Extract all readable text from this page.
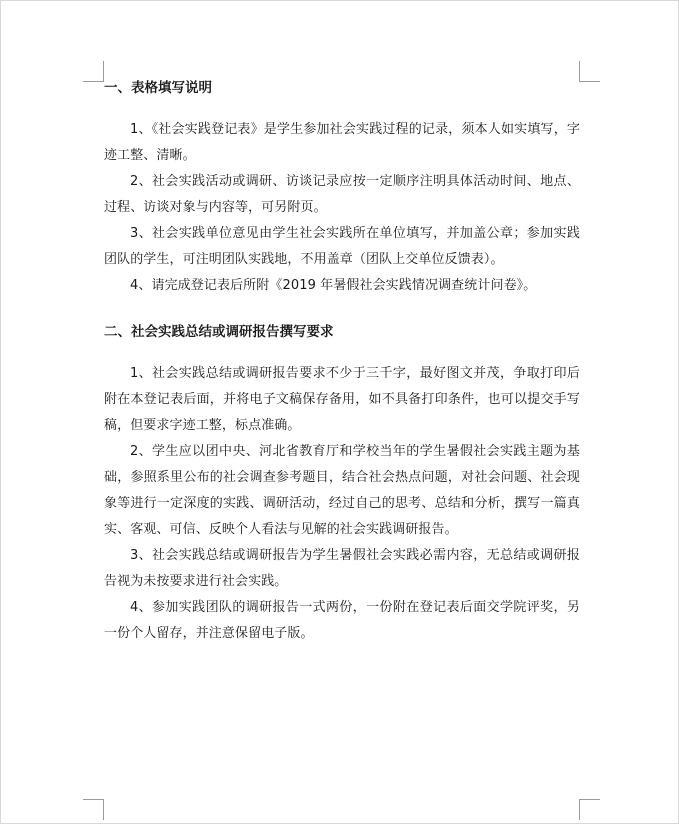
一、表格填写说明

1、《社会实践登记表》是学生参加社会实践过程的记录，须本人如实填写，字迹工整、清晰。

2、社会实践活动或调研、访谈记录应按一定顺序注明具体活动时间、地点、过程、访谈对象与内容等，可另附页。

3、社会实践单位意见由学生社会实践所在单位填写，并加盖公章；参加实践团队的学生，可注明团队实践地，不用盖章（团队上交单位反馈表）。

4、请完成登记表后所附《2019 年暑假社会实践情况调查统计问卷》。

二、社会实践总结或调研报告撰写要求

1、社会实践总结或调研报告要求不少于三千字，最好图文并茂，争取打印后附在本登记表后面，并将电子文稿保存备用，如不具备打印条件，也可以提交手写稿，但要求字迹工整，标点准确。

2、学生应以团中央、河北省教育厅和学校当年的学生暑假社会实践主题为基础，参照系里公布的社会调查参考题目，结合社会热点问题，对社会问题、社会现象等进行一定深度的实践、调研活动，经过自己的思考、总结和分析，撰写一篇真实、客观、可信、反映个人看法与见解的社会实践调研报告。

3、社会实践总结或调研报告为学生暑假社会实践必需内容，无总结或调研报告视为未按要求进行社会实践。

4、参加实践团队的调研报告一式两份，一份附在登记表后面交学院评奖，另一份个人留存，并注意保留电子版。
